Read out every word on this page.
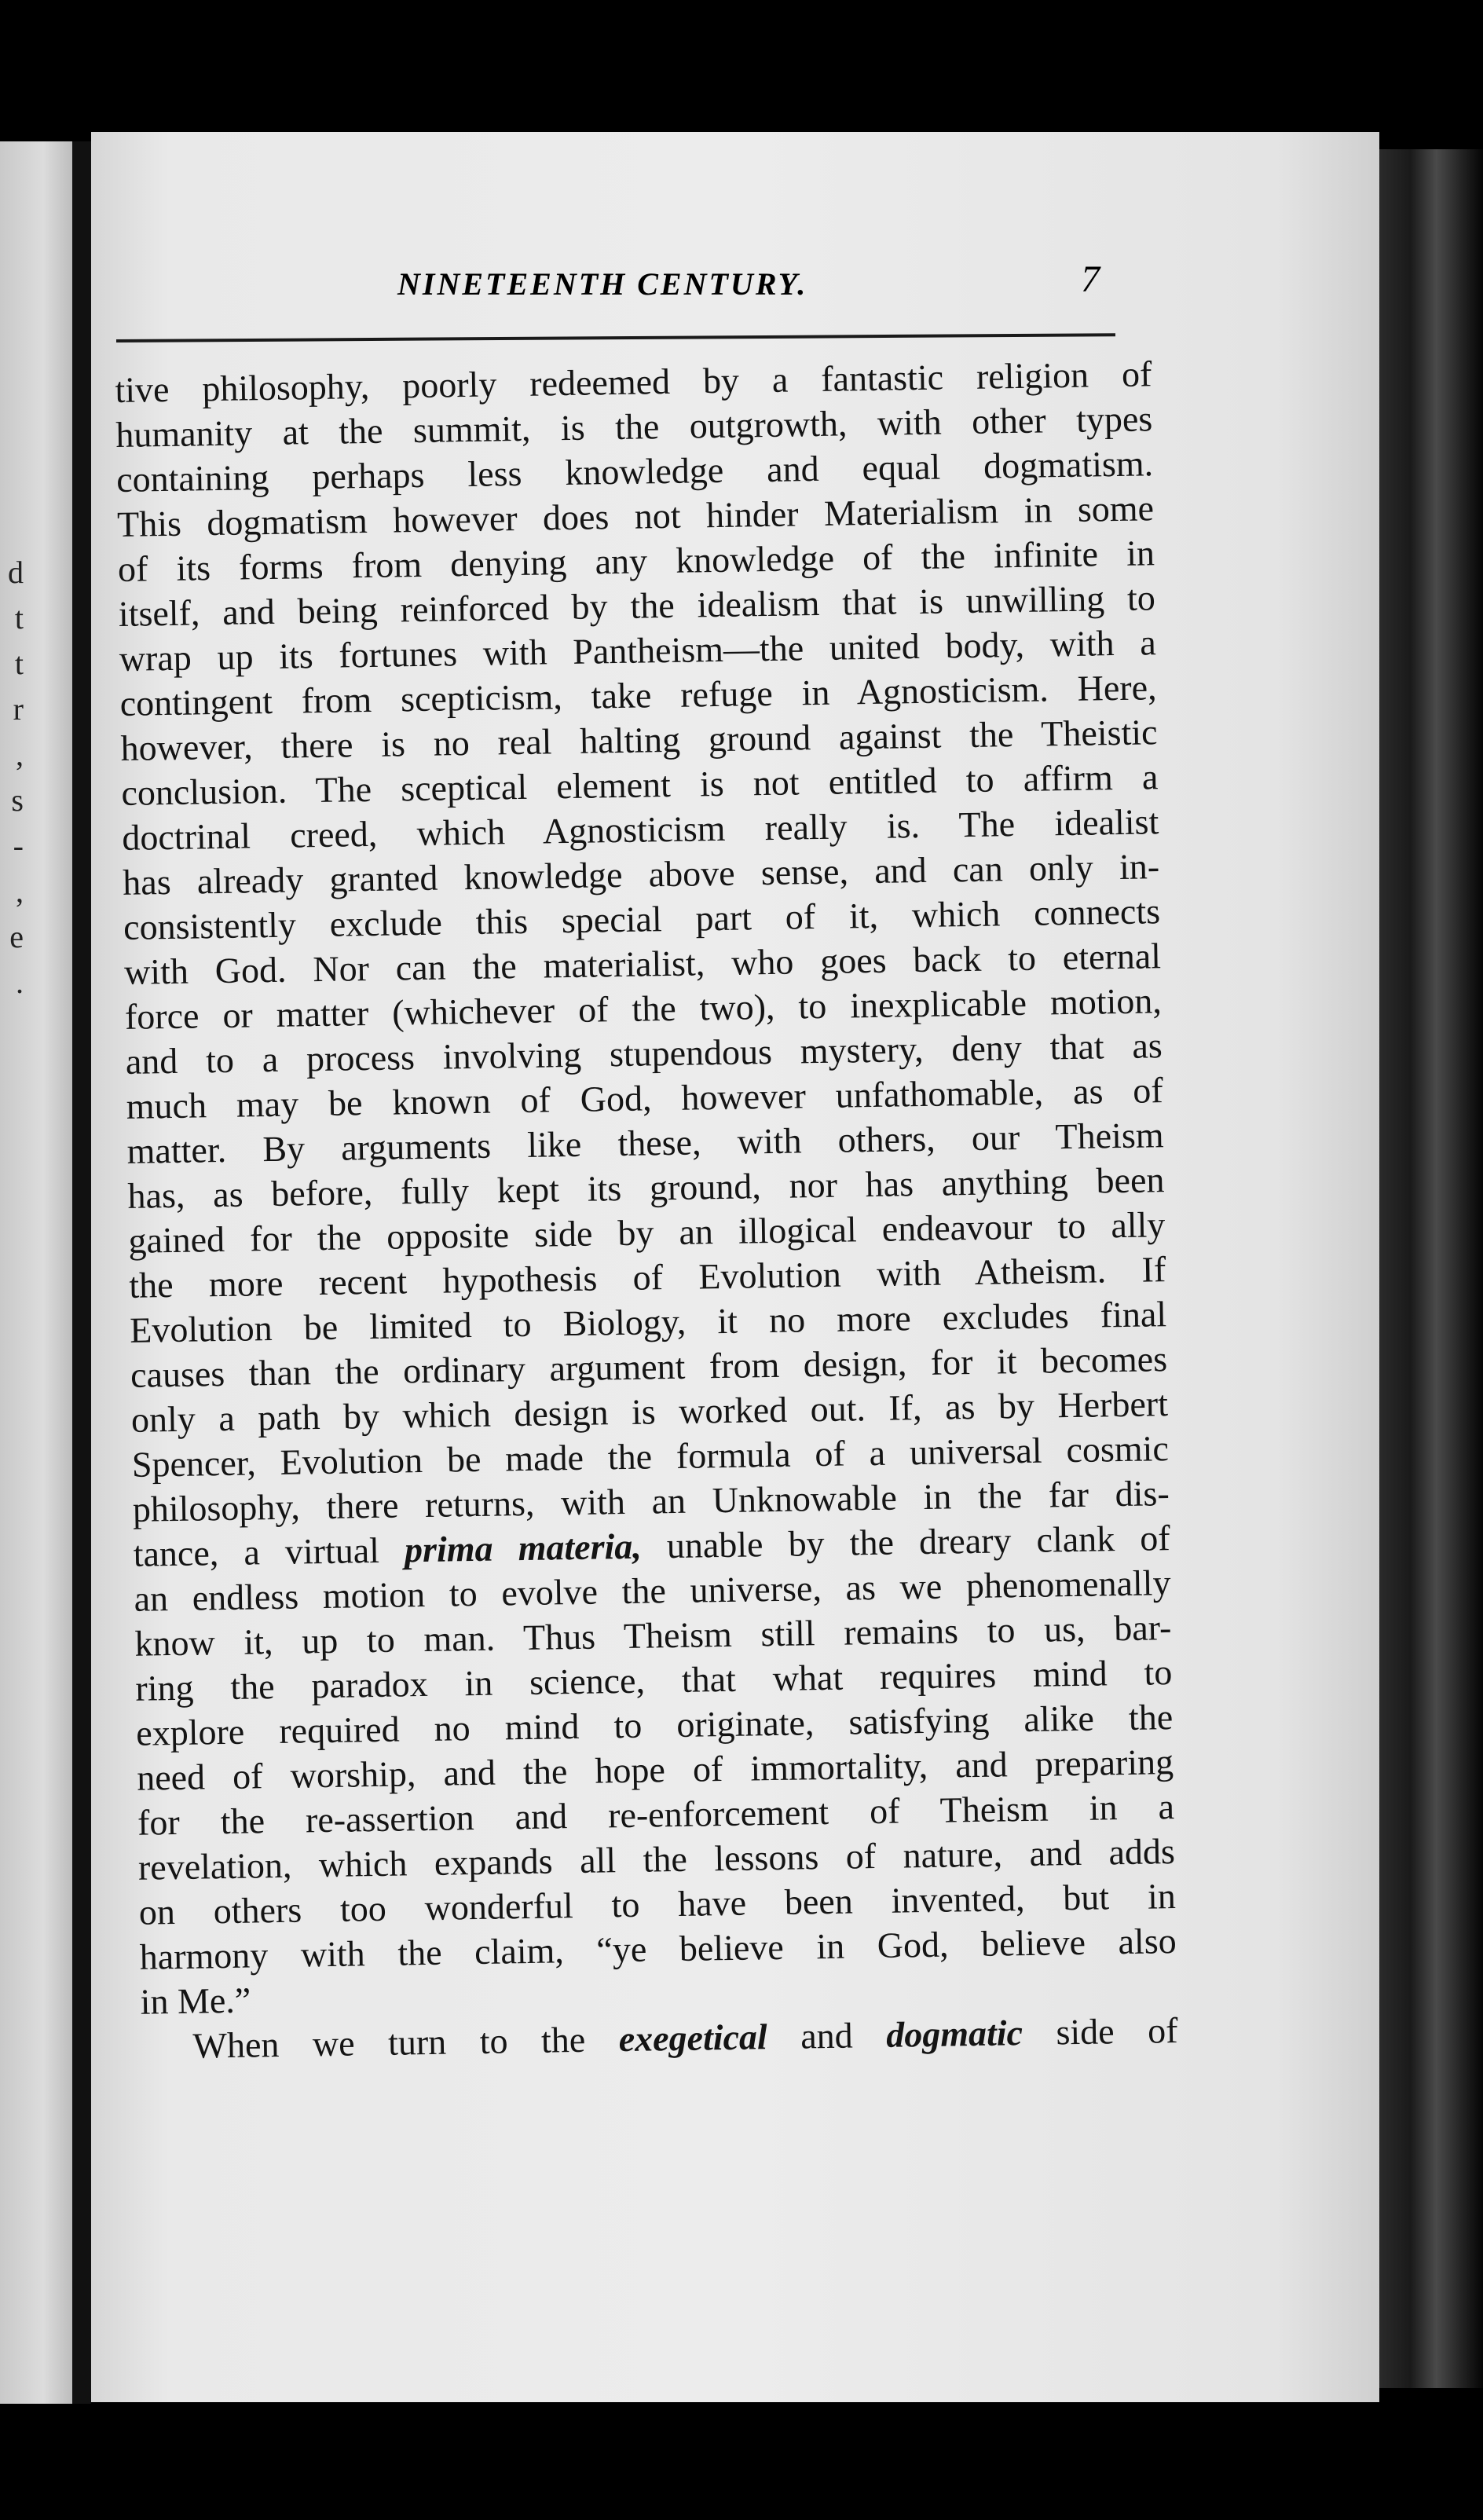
d
t
t
r
,
s
-
,
e
.
NINETEENTH CENTURY.	7
tive philosophy, poorly redeemed by a fantastic religion of
humanity at the summit, is the outgrowth, with other types
containing perhaps less knowledge and equal dogmatism.
This dogmatism however does not hinder Materialism in some
of its forms from denying any knowledge of the infinite in
itself, and being reinforced by the idealism that is unwilling to
wrap up its fortunes with Pantheism—the united body, with a
contingent from scepticism, take refuge in Agnosticism. Here,
however, there is no real halting ground against the Theistic
conclusion. The sceptical element is not entitled to affirm a
doctrinal creed, which Agnosticism really is. The idealist
has already granted knowledge above sense, and can only in-
consistently exclude this special part of it, which connects
with God. Nor can the materialist, who goes back to eternal
force or matter (whichever of the two), to inexplicable motion,
and to a process involving stupendous mystery, deny that as
much may be known of God, however unfathomable, as of
matter. By arguments like these, with others, our Theism
has, as before, fully kept its ground, nor has anything been
gained for the opposite side by an illogical endeavour to ally
the more recent hypothesis of Evolution with Atheism. If
Evolution be limited to Biology, it no more excludes final
causes than the ordinary argument from design, for it becomes
only a path by which design is worked out. If, as by Herbert
Spencer, Evolution be made the formula of a universal cosmic
philosophy, there returns, with an Unknowable in the far dis-
tance, a virtual prima materia, unable by the dreary clank of
an endless motion to evolve the universe, as we phenomenally
know it, up to man. Thus Theism still remains to us, bar-
ring the paradox in science, that what requires mind to
explore required no mind to originate, satisfying alike the
need of worship, and the hope of immortality, and preparing
for the re-assertion and re-enforcement of Theism in a
revelation, which expands all the lessons of nature, and adds
on others too wonderful to have been invented, but in
harmony with the claim, “ye believe in God, believe also
in Me.”
When we turn to the exegetical and dogmatic side of
